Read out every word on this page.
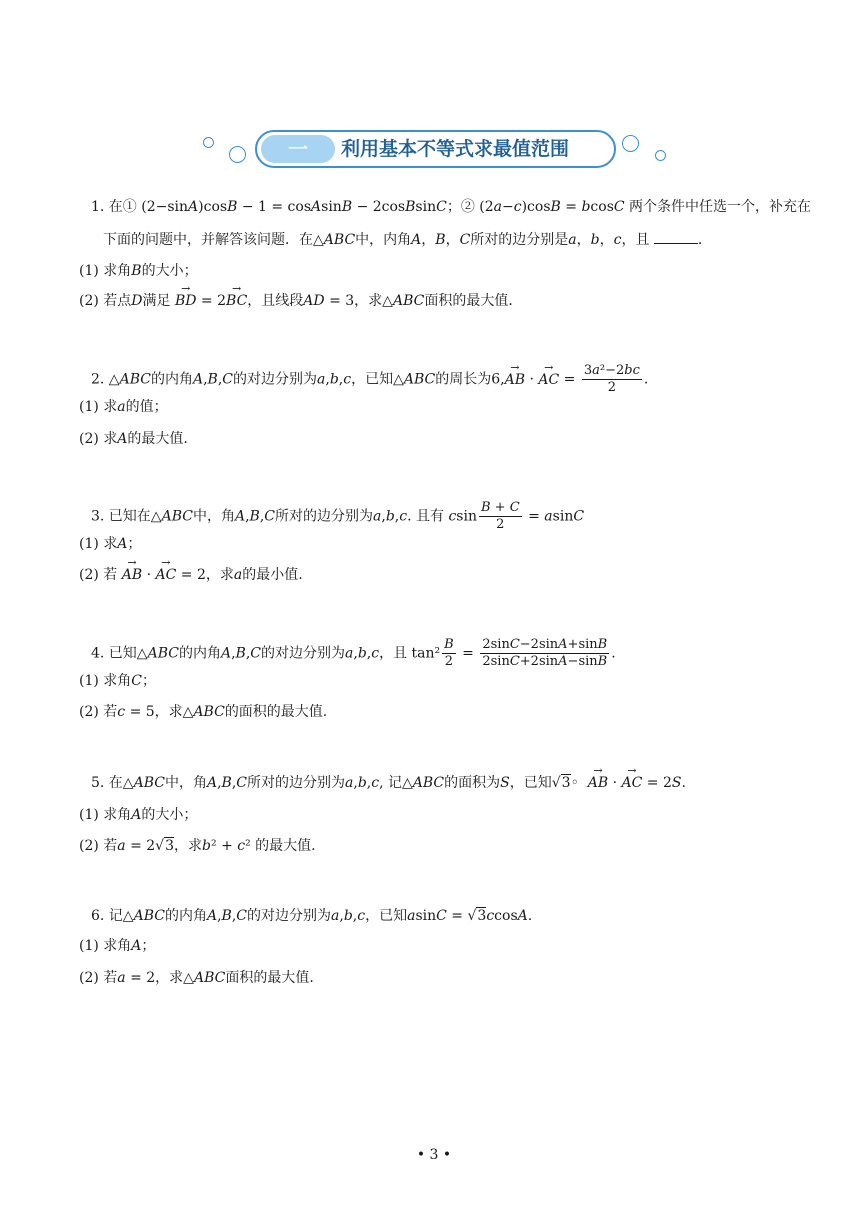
一	利用基本不等式求最值范围
1. 在① (2−sinA)cosB − 1 = cosAsinB − 2cosBsinC；② (2a−c)cosB = bcosC 两个条件中任选一个，补充在
下面的问题中，并解答该问题．在△ABC中，内角A，B，C所对的边分别是a，b，c，且	．
(1) 求角B的大小；
(2) 若点D满足 → BD = 2→ BC，且线段AD = 3，求△ABC面积的最大值．
2. △ABC的内角A,B,C的对边分别为a,b,c，已知△ABC的周长为6,→ AB · → AC = $\frac{\text{3a²−2bc}}{2}$ .
(1) 求a的值；
(2) 求A的最大值.
3. 已知在△ABC中，角A,B,C所对的边分别为a,b,c. 且有 csin $\frac{B + C}{2} = asinC$
(1) 求A；
(2) 若 → AB · → AC = 2，求a的最小值.
4. 已知△ABC的内角A,B,C的对边分别为a,b,c，且 $\tan^2 \frac{B}{2} = \frac{2\sin C-2\sin A+\sin B}{2\sin C+2\sin A-\sin B}$ .
(1) 求角C；
(2) 若c = 5，求△ABC的面积的最大值.
5. 在△ABC中，角A,B,C所对的边分别为a,b,c, 记△ABC的面积为S，已知√3◦  → AB · → AC = 2S.
(1) 求角A的大小；
(2) 若a = 2√3，求b² + c² 的最大值.
6. 记△ABC的内角A,B,C的对边分别为a,b,c，已知asinC = √3ccosA.
(1) 求角A；
(2) 若a = 2，求△ABC面积的最大值.
• 3 •
